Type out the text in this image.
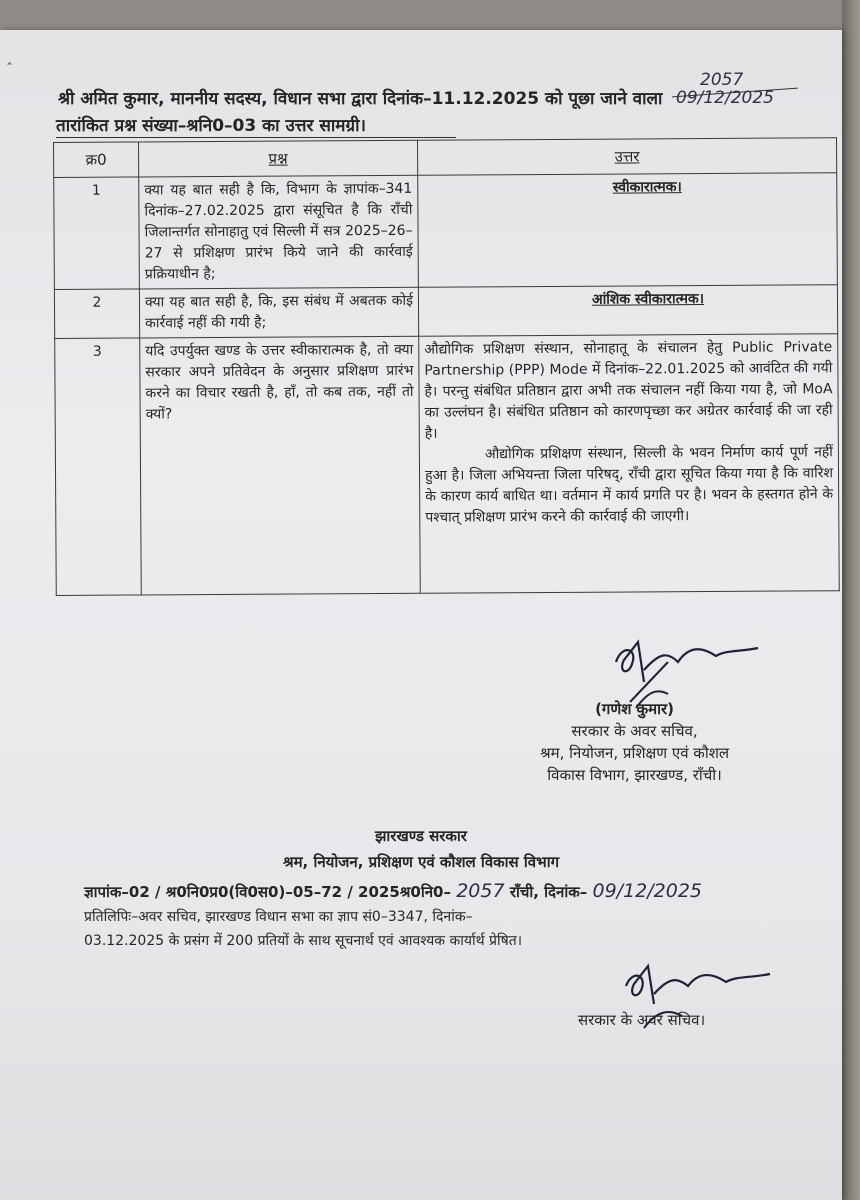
ˆ
श्री अमित कुमार, माननीय सदस्य, विधान सभा द्वारा दिनांक–11.12.2025 को पूछा जाने वाला
तारांकित प्रश्न संख्या–श्रनि0–03 का उत्तर सामग्री।
2057
09/12/2025
क्र0	प्रश्न	उत्तर
1	क्या यह बात सही है कि, विभाग के ज्ञापांक–341 दिनांक–27.02.2025 द्वारा संसूचित है कि राँची जिलान्तर्गत सोनाहातु एवं सिल्ली में सत्र 2025–26–27 से प्रशिक्षण प्रारंभ किये जाने की कार्रवाई प्रक्रियाधीन है;	स्वीकारात्मक।

2	क्या यह बात सही है, कि, इस संबंध में अबतक कोई कार्रवाई नहीं की गयी है;	आंशिक स्वीकारात्मक।

3	यदि उपर्युक्त खण्ड के उत्तर स्वीकारात्मक है, तो क्या सरकार अपने प्रतिवेदन के अनुसार प्रशिक्षण प्रारंभ करने का विचार रखती है, हाँ, तो कब तक, नहीं तो क्यों?	औद्योगिक प्रशिक्षण संस्थान, सोनाहातू के संचालन हेतु Public Private Partnership (PPP) Mode में दिनांक–22.01.2025 को आवंटित की गयी है। परन्तु संबंधित प्रतिष्ठान द्वारा अभी तक संचालन नहीं किया गया है, जो MoA का उल्लंघन है। संबंधित प्रतिष्ठान को कारणपृच्छा कर अग्रेतर कार्रवाई की जा रही है।
औद्योगिक प्रशिक्षण संस्थान, सिल्ली के भवन निर्माण कार्य पूर्ण नहीं हुआ है। जिला अभियन्ता जिला परिषद्, राँची द्वारा सूचित किया गया है कि वारिश के कारण कार्य बाधित था। वर्तमान में कार्य प्रगति पर है। भवन के हस्तगत होने के पश्चात् प्रशिक्षण प्रारंभ करने की कार्रवाई की जाएगी।
(गणेश कुमार)
सरकार के अवर सचिव,
श्रम, नियोजन, प्रशिक्षण एवं कौशल
विकास विभाग, झारखण्ड, राँची।
झारखण्ड सरकार
श्रम, नियोजन, प्रशिक्षण एवं कौशल विकास विभाग
ज्ञापांक–02 / श्र0नि0प्र0(वि0स0)–05–72 / 2025श्र0नि0– 2057 राँची, दिनांक– 09/12/2025
प्रतिलिपिः–अवर सचिव, झारखण्ड विधान सभा का ज्ञाप सं0–3347, दिनांक–
03.12.2025 के प्रसंग में 200 प्रतियों के साथ सूचनार्थ एवं आवश्यक कार्यार्थ प्रेषित।
सरकार के अवर सचिव।
